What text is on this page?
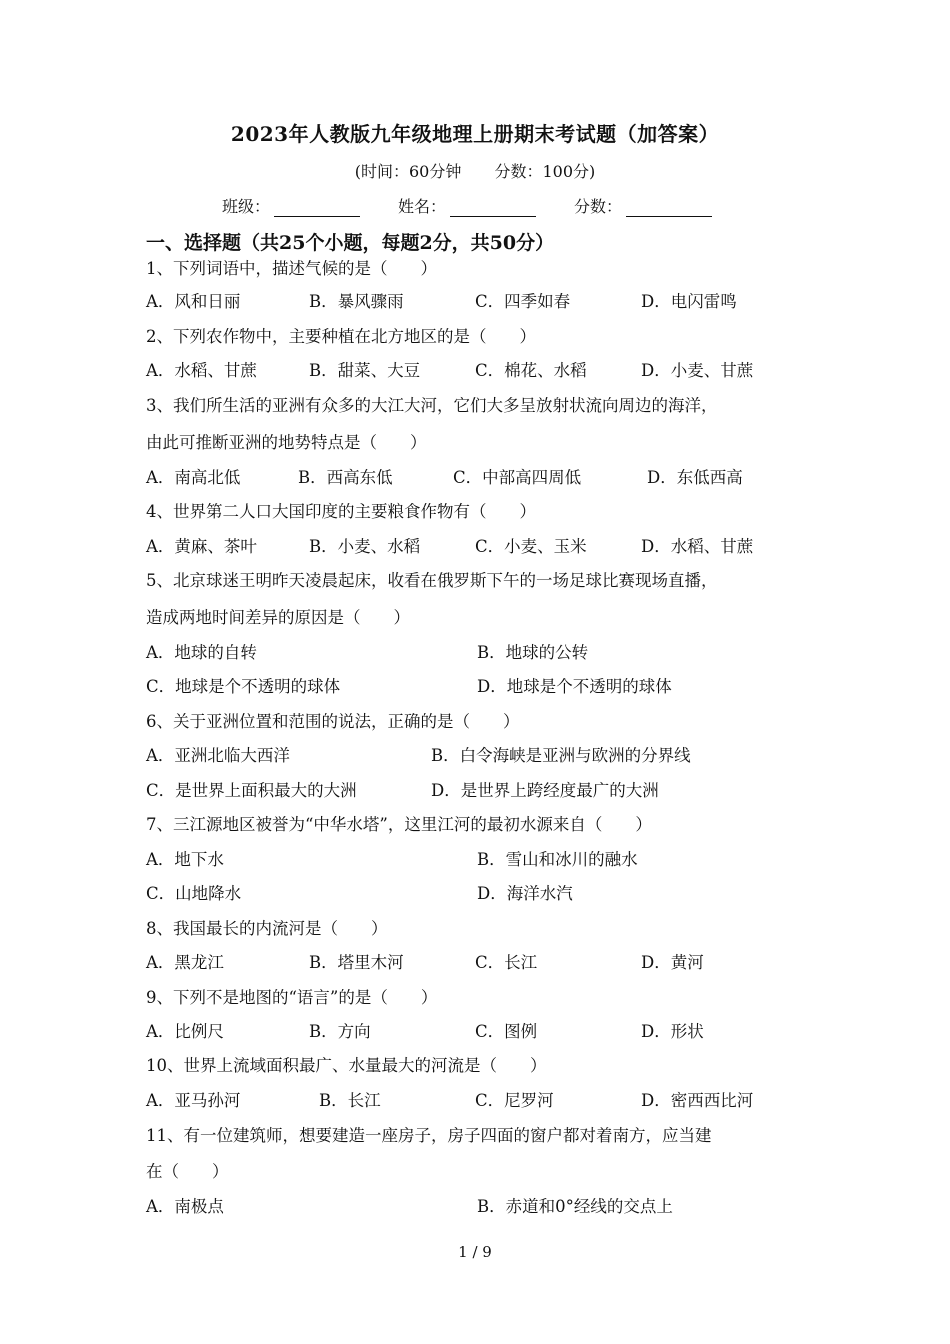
2023年人教版九年级地理上册期末考试题（加答案）
(时间：60分钟 分数：100分)
班级：	姓名：	分数：
一、选择题（共25个小题，每题2分，共50分）
1、下列词语中，描述气候的是（　　）
A．风和日丽	B．暴风骤雨	C．四季如春	D．电闪雷鸣
2、下列农作物中，主要种植在北方地区的是（　　）
A．水稻、甘蔗	B．甜菜、大豆	C．棉花、水稻	D．小麦、甘蔗
3、我们所生活的亚洲有众多的大江大河，它们大多呈放射状流向周边的海洋，
由此可推断亚洲的地势特点是（　　）
A．南高北低	B．西高东低	C．中部高四周低	D．东低西高
4、世界第二人口大国印度的主要粮食作物有（　　）
A．黄麻、茶叶	B．小麦、水稻	C．小麦、玉米	D．水稻、甘蔗
5、北京球迷王明昨天凌晨起床，收看在俄罗斯下午的一场足球比赛现场直播，
造成两地时间差异的原因是（　　）
A．地球的自转	B．地球的公转
C．地球是个不透明的球体	D．地球是个不透明的球体
6、关于亚洲位置和范围的说法，正确的是（　　）
A．亚洲北临大西洋	B．白令海峡是亚洲与欧洲的分界线
C．是世界上面积最大的大洲	D．是世界上跨经度最广的大洲
7、三江源地区被誉为“中华水塔”，这里江河的最初水源来自（　　）
A．地下水	B．雪山和冰川的融水
C．山地降水	D．海洋水汽
8、我国最长的内流河是（　　）
A．黑龙江	B．塔里木河	C．长江	D．黄河
9、下列不是地图的“语言”的是（　　）
A．比例尺	B．方向	C．图例	D．形状
10、世界上流域面积最广、水量最大的河流是（　　）
A．亚马孙河	B．长江	C．尼罗河	D．密西西比河
11、有一位建筑师，想要建造一座房子，房子四面的窗户都对着南方，应当建
在（　　）
A．南极点	B．赤道和0°经线的交点上
1 / 9
